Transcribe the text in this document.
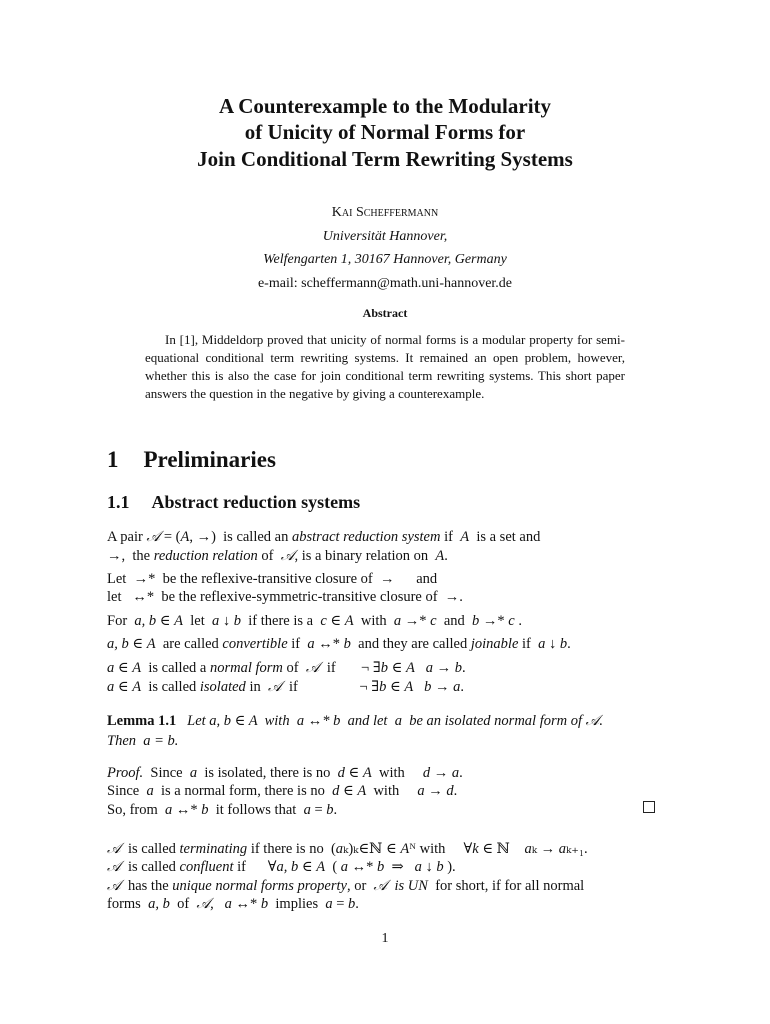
A Counterexample to the Modularity
of Unicity of Normal Forms for
Join Conditional Term Rewriting Systems
Kai Scheffermann
Universität Hannover,
Welfengarten 1, 30167 Hannover, Germany
e-mail: scheffermann@math.uni-hannover.de
Abstract
In [1], Middeldorp proved that unicity of normal forms is a modular property for semi-equational conditional term rewriting systems. It remained an open problem, however, whether this is also the case for join conditional term rewriting systems. This short paper answers the question in the negative by giving a counterexample.
1 Preliminaries
1.1 Abstract reduction systems
A pair 𝒜 = (A, →)  is called an abstract reduction system if  A  is a set and
→,  the reduction relation of  𝒜, is a binary relation on  A.
Let  →*  be the reflexive-transitive closure of  →      and
let   ↔*  be the reflexive-symmetric-transitive closure of  →.
For  a, b ∈ A  let  a ↓ b  if there is a  c ∈ A  with  a →* c  and  b →* c .
a, b ∈ A  are called convertible if  a ↔* b  and they are called joinable if  a ↓ b.
a ∈ A  is called a normal form of  𝒜  if       ¬ ∃b ∈ A a → b.
a ∈ A  is called isolated in  𝒜  if                 ¬ ∃b ∈ A b → a.
Lemma 1.1   Let a, b ∈ A  with  a ↔* b  and let  a  be an isolated normal form of 𝒜.
Then  a = b.
Proof.  Since  a  is isolated, there is no  d ∈ A  with     d → a.
Since  a  is a normal form, there is no  d ∈ A  with     a → d.
So, from  a ↔* b  it follows that  a = b.
𝒜  is called terminating if there is no  (aₖ)ₖ∈ℕ ∈ Aᴺ with     ∀k ∈ ℕ    aₖ → aₖ₊₁.
𝒜  is called confluent if      ∀a, b ∈ A  ( a ↔* b  ⇒   a ↓ b ).
𝒜  has the unique normal forms property, or  𝒜 is UN  for short, if for all normal
forms  a, b  of  𝒜,   a ↔* b  implies  a = b.
1
